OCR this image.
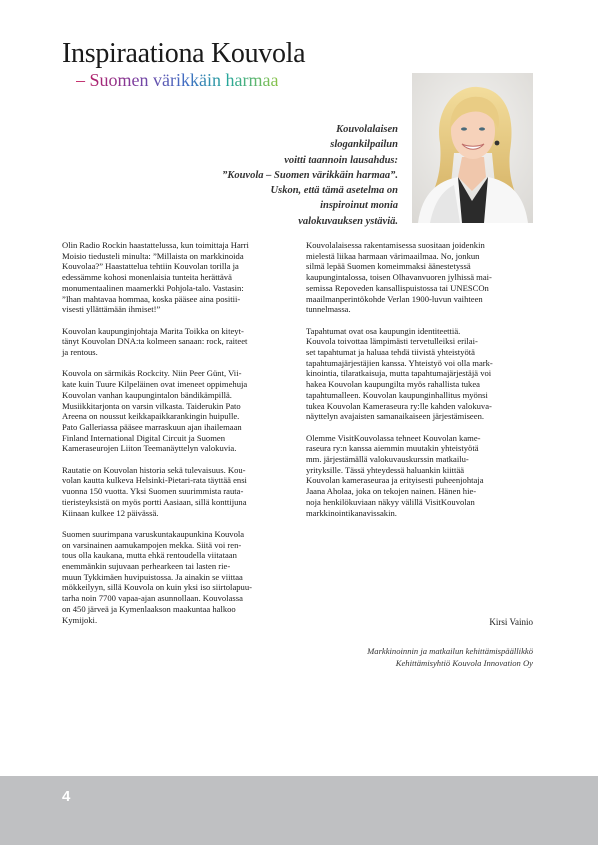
Inspiraationa Kouvola
– Suomen värikkäin harmaa

Kouvolalaisen
slogankilpailun
voitti taannoin lausahdus:
”Kouvola – Suomen värikkäin harmaa”.
Uskon, että tämä asetelma on
inspiroinut monia
valokuvauksen ystäviä.

Olin Radio Rockin haastattelussa, kun toimittaja Harri
Moisio tiedusteli minulta: ”Millaista on markkinoida
Kouvolaa?” Haastattelua tehtiin Kouvolan torilla ja
edessämme kohosi monenlaisia tunteita herättävä
monumentaalinen maamerkki Pohjola-talo. Vastasin:
”Ihan mahtavaa hommaa, koska pääsee aina positii-
visesti yllättämään ihmiset!”

Kouvolan kaupunginjohtaja Marita Toikka on kiteyt-
tänyt Kouvolan DNA:ta kolmeen sanaan: rock, raiteet
ja rentous.

Kouvola on särmikäs Rockcity. Niin Peer Günt, Vii-
kate kuin Tuure Kilpeläinen ovat imeneet oppimehuja
Kouvolan vanhan kaupungintalon bändikämpillä.
Musiikkitarjonta on varsin vilkasta. Taiderukin Pato
Areena on noussut keikkapaikkarankingin huipulle.
Pato Galleriassa pääsee marraskuun ajan ihailemaan
Finland International Digital Circuit ja Suomen
Kameraseurojen Liiton Teemanäyttelyn valokuvia.

Rautatie on Kouvolan historia sekä tulevaisuus. Kou-
volan kautta kulkeva Helsinki-Pietari-rata täyttää ensi
vuonna 150 vuotta. Yksi Suomen suurimmista rauta-
tieristeyksistä on myös portti Aasiaan, sillä konttijuna
Kiinaan kulkee 12 päivässä.

Suomen suurimpana varuskuntakaupunkina Kouvola
on varsinainen aamukampojen mekka. Siitä voi ren-
tous olla kaukana, mutta ehkä rentoudella viitataan
enemmänkin sujuvaan perhearkeen tai lasten rie-
muun Tykkimäen huvipuistossa. Ja ainakin se viittaa
mökkeilyyn, sillä Kouvola on kuin yksi iso siirtolapuu-
tarha noin 7700 vapaa-ajan asunnollaan. Kouvolassa
on 450 järveä ja Kymenlaakson maakuntaa halkoo
Kymijoki.

Kouvolalaisessa rakentamisessa suositaan joidenkin
mielestä liikaa harmaan värimaailmaa. No, jonkun
silmä lepää Suomen komeimmaksi äänestetyssä
kaupungintalossa, toisen Olhavanvuoren jylhissä mai-
semissa Repoveden kansallispuistossa tai UNESCOn
maailmanperintökohde Verlan 1900-luvun vaihteen
tunnelmassa.

Tapahtumat ovat osa kaupungin identiteettiä.
Kouvola toivottaa lämpimästi tervetulleiksi erilai-
set tapahtumat ja haluaa tehdä tiivistä yhteistyötä
tapahtumajärjestäjien kanssa. Yhteistyö voi olla mark-
kinointia, tilaratkaisuja, mutta tapahtumajärjestäjä voi
hakea Kouvolan kaupungilta myös rahallista tukea
tapahtumalleen. Kouvolan kaupunginhallitus myönsi
tukea Kouvolan Kameraseura ry:lle kahden valokuva-
näyttelyn avajaisten samanaikaiseen järjestämiseen.

Olemme VisitKouvolassa tehneet Kouvolan kame-
raseura ry:n kanssa aiemmin muutakin yhteistyötä
mm. järjestämällä valokuvauskurssin matkailu-
yrityksille. Tässä yhteydessä haluankin kiittää
Kouvolan kameraseuraa ja erityisesti puheenjohtaja
Jaana Aholaa, joka on tekojen nainen. Hänen hie-
noja henkilökuviaan näkyy välillä VisitKouvolan
markkinointikanavissakin.

Kirsi Vainio

Markkinoinnin ja matkailun kehittämispäällikkö
Kehittämisyhtiö Kouvola Innovation Oy

4
